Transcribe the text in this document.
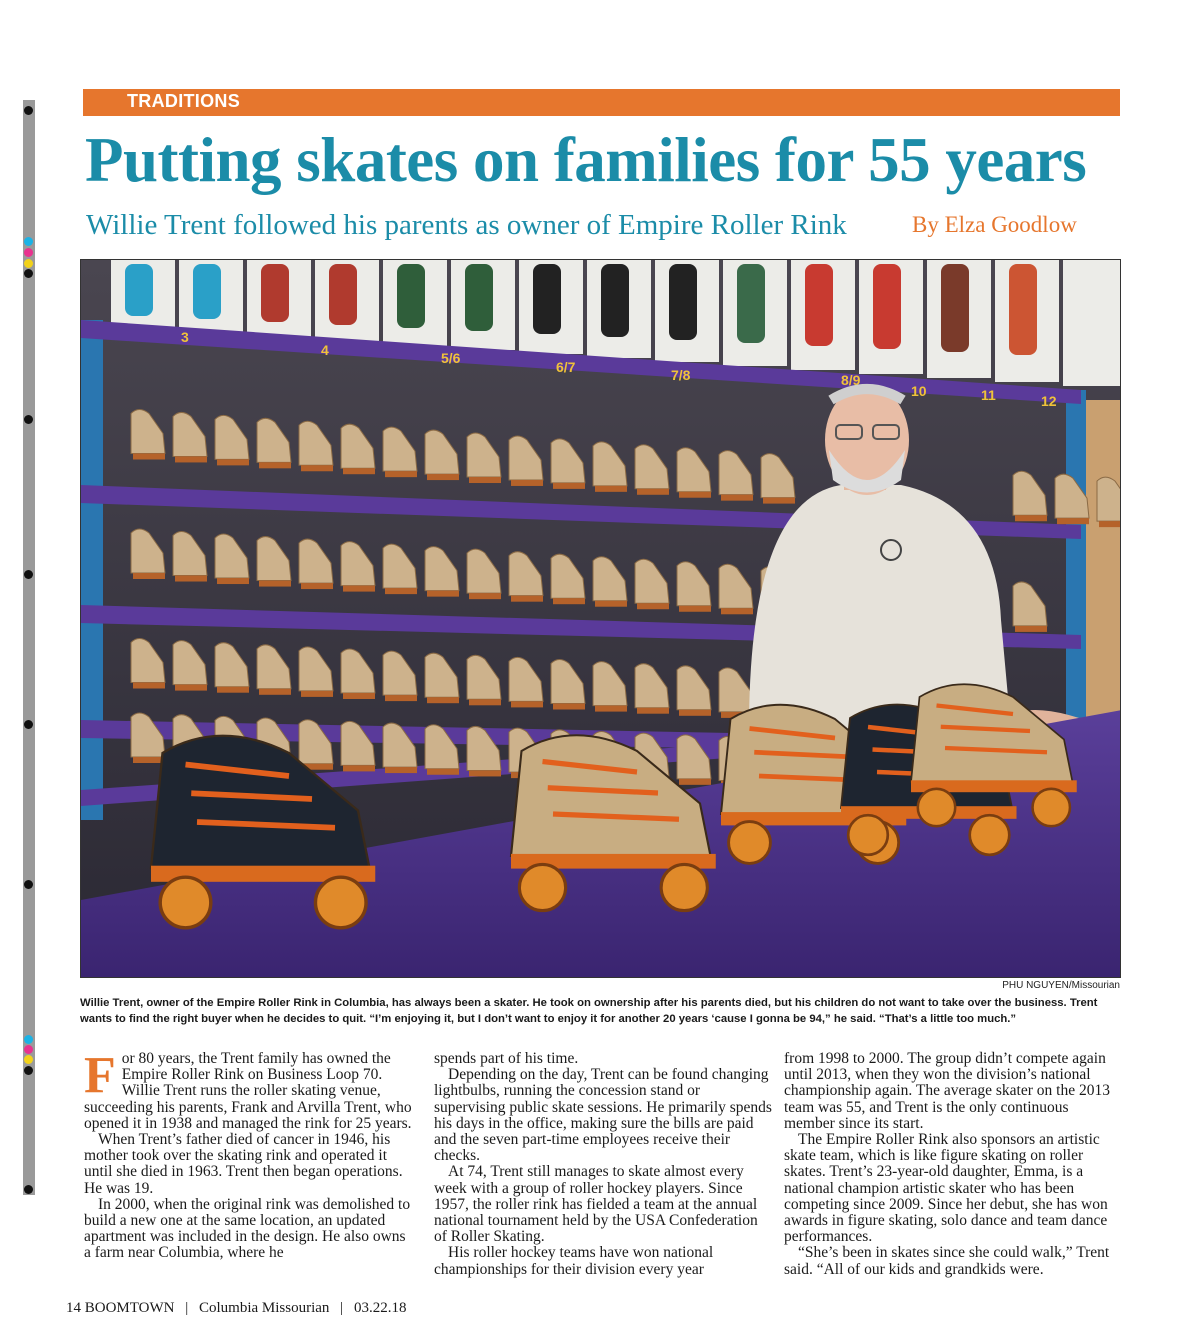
TRADITIONS
Putting skates on families for 55 years
Willie Trent followed his parents as owner of Empire Roller Rink	By Elza Goodlow
3
4	5/6
6/7	7/8	8/9
10	11	12
PHU NGUYEN/Missourian
Willie Trent, owner of the Empire Roller Rink in Columbia, has always been a skater. He took on ownership after his parents died, but his children do not want to take over the business. Trent wants to find the right buyer when he decides to quit. “I’m enjoying it, but I don’t want to enjoy it for another 20 years ‘cause I gonna be 94,” he said. “That’s a little too much.”

For 80 years, the Trent family has owned the Empire Roller Rink on Business Loop 70. Willie Trent runs the roller skating venue, succeeding his parents, Frank and Arvilla Trent, who opened it in 1938 and managed the rink for 25 years.

When Trent’s father died of cancer in 1946, his mother took over the skating rink and operated it until she died in 1963. Trent then began operations. He was 19.

In 2000, when the original rink was demolished to build a new one at the same location, an updated apartment was included in the design. He also owns a farm near Columbia, where he

spends part of his time.

Depending on the day, Trent can be found changing lightbulbs, running the concession stand or supervising public skate sessions. He primarily spends his days in the office, making sure the bills are paid and the seven part-time employees receive their checks.

At 74, Trent still manages to skate almost every week with a group of roller hockey players. Since 1957, the roller rink has fielded a team at the annual national tournament held by the USA Confederation of Roller Skating.

His roller hockey teams have won national championships for their division every year

from 1998 to 2000. The group didn’t compete again until 2013, when they won the division’s national championship again. The average skater on the 2013 team was 55, and Trent is the only continuous member since its start.

The Empire Roller Rink also sponsors an artistic skate team, which is like figure skating on roller skates. Trent’s 23-year-old daughter, Emma, is a national champion artistic skater who has been competing since 2009. Since her debut, she has won awards in figure skating, solo dance and team dance performances.

“She’s been in skates since she could walk,” Trent said. “All of our kids and grandkids were.

14 BOOMTOWN | Columbia Missourian | 03.22.18
